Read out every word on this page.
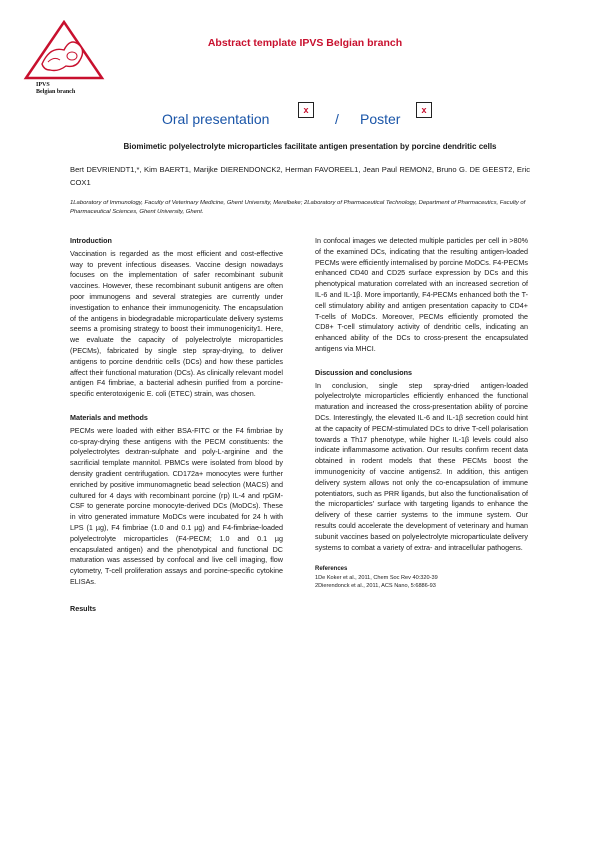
IPVS
Belgian branch
Abstract template IPVS Belgian branch
Oral presentation
x
/ Poster
x
Biomimetic polyelectrolyte microparticles facilitate antigen presentation by porcine dendritic cells
Bert DEVRIENDT1,*, Kim BAERT1, Marijke DIERENDONCK2, Herman FAVOREEL1, Jean Paul REMON2, Bruno G. DE GEEST2, Eric COX1
1Laboratory of Immunology, Faculty of Veterinary Medicine, Ghent University, Merelbeke; 2Laboratory of Pharmaceutical Technology, Department of Pharmaceutics, Faculty of Pharmaceutical Sciences, Ghent University, Ghent.
Introduction

Vaccination is regarded as the most efficient and cost-effective way to prevent infectious diseases. Vaccine design nowadays focuses on the implementation of safer recombinant subunit vaccines. However, these recombinant subunit antigens are often poor immunogens and several strategies are currently under investigation to enhance their immunogenicity. The encapsulation of the antigens in biodegradable microparticulate delivery systems seems a promising strategy to boost their immunogenicity1. Here, we evaluate the capacity of polyelectrolyte microparticles (PECMs), fabricated by single step spray-drying, to deliver antigens to porcine dendritic cells (DCs) and how these particles affect their functional maturation (DCs). As clinically relevant model antigen F4 fimbriae, a bacterial adhesin purified from a porcine-specific enterotoxigenic E. coli (ETEC) strain, was chosen.

Materials and methods

PECMs were loaded with either BSA-FITC or the F4 fimbriae by co-spray-drying these antigens with the PECM constituents: the polyelectrolytes dextran-sulphate and poly-L-arginine and the sacrificial template mannitol. PBMCs were isolated from blood by density gradient centrifugation. CD172a+ monocytes were further enriched by positive immunomagnetic bead selection (MACS) and cultured for 4 days with recombinant porcine (rp) IL-4 and rpGM-CSF to generate porcine monocyte-derived DCs (MoDCs). These in vitro generated immature MoDCs were incubated for 24 h with LPS (1 µg), F4 fimbriae (1.0 and 0.1 µg) and F4-fimbriae-loaded polyelectrolyte microparticles (F4-PECM; 1.0 and 0.1 µg encapsulated antigen) and the phenotypical and functional DC maturation was assessed by confocal and live cell imaging, flow cytometry, T-cell proliferation assays and porcine-specific cytokine ELISAs.

Results

In confocal images we detected multiple particles per cell in >80% of the examined DCs, indicating that the resulting antigen-loaded PECMs were efficiently internalised by porcine MoDCs. F4-PECMs enhanced CD40 and CD25 surface expression by DCs and this phenotypical maturation correlated with an increased secretion of IL-6 and IL-1β. More importantly, F4-PECMs enhanced both the T-cell stimulatory ability and antigen presentation capacity to CD4+ T-cells of MoDCs. Moreover, PECMs efficiently promoted the CD8+ T-cell stimulatory activity of dendritic cells, indicating an enhanced ability of the DCs to cross-present the encapsulated antigens via MHCI.

Discussion and conclusions

In conclusion, single step spray-dried antigen-loaded polyelectrolyte microparticles efficiently enhanced the functional maturation and increased the cross-presentation ability of porcine DCs. Interestingly, the elevated IL-6 and IL-1β secretion could hint at the capacity of PECM-stimulated DCs to drive T-cell polarisation towards a Th17 phenotype, while higher IL-1β levels could also indicate inflammasome activation. Our results confirm recent data obtained in rodent models that these PECMs boost the immunogenicity of vaccine antigens2. In addition, this antigen delivery system allows not only the co-encapsulation of immune potentiators, such as PRR ligands, but also the functionalisation of the microparticles' surface with targeting ligands to enhance the delivery of these carrier systems to the immune system. Our results could accelerate the development of veterinary and human subunit vaccines based on polyelectrolyte microparticulate delivery systems to combat a variety of extra- and intracellular pathogens.

References
1De Koker et al., 2011, Chem Soc Rev 40:320-39
2Dierendonck et al., 2011, ACS Nano, 5:6886-93
